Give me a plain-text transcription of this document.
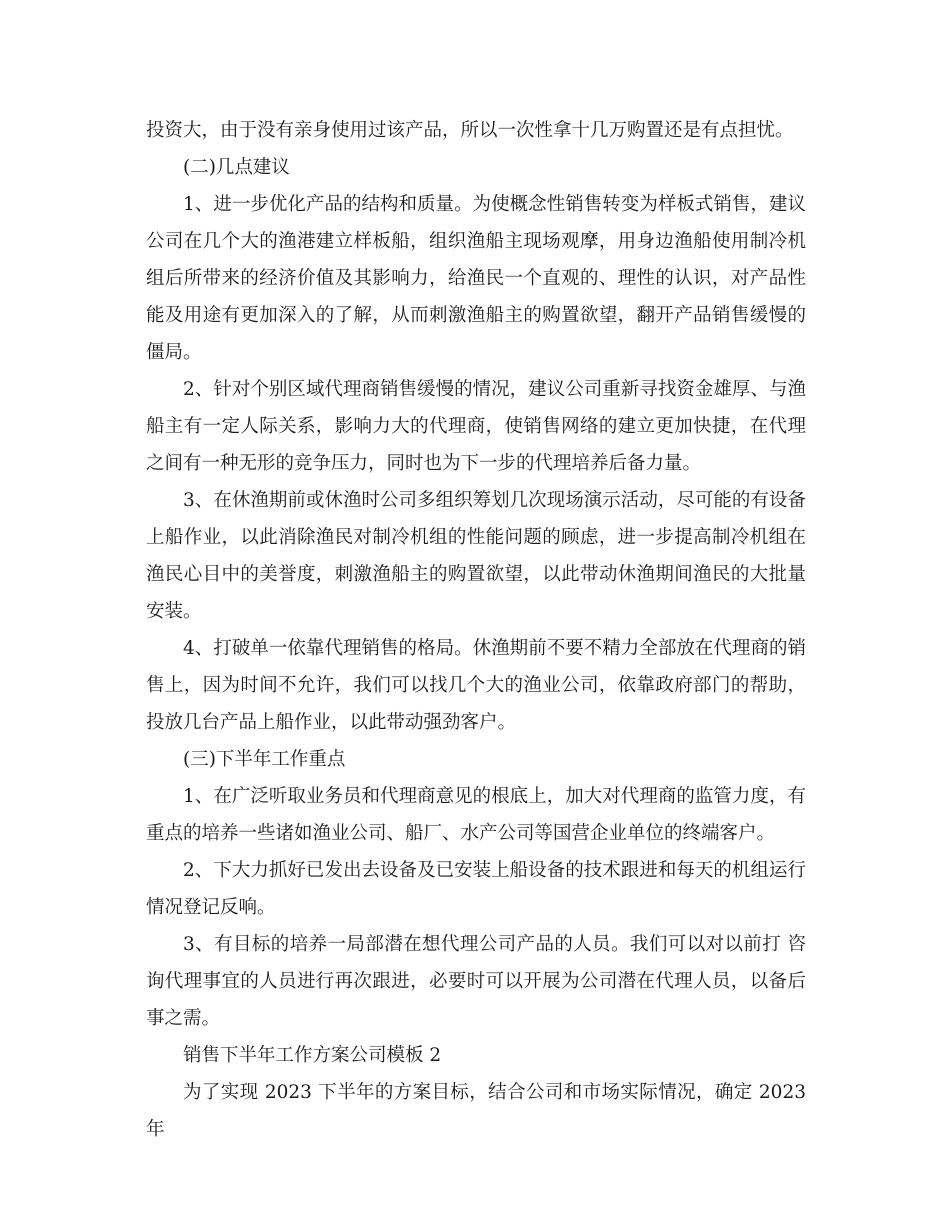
投资大，由于没有亲身使用过该产品，所以一次性拿十几万购置还是有点担忧。

(二)几点建议

1、进一步优化产品的结构和质量。为使概念性销售转变为样板式销售，建议公司在几个大的渔港建立样板船，组织渔船主现场观摩，用身边渔船使用制冷机组后所带来的经济价值及其影响力，给渔民一个直观的、理性的认识，对产品性能及用途有更加深入的了解，从而刺激渔船主的购置欲望，翻开产品销售缓慢的僵局。

2、针对个别区域代理商销售缓慢的情况，建议公司重新寻找资金雄厚、与渔船主有一定人际关系，影响力大的代理商，使销售网络的建立更加快捷，在代理之间有一种无形的竞争压力，同时也为下一步的代理培养后备力量。

3、在休渔期前或休渔时公司多组织筹划几次现场演示活动，尽可能的有设备上船作业，以此消除渔民对制冷机组的性能问题的顾虑，进一步提高制冷机组在渔民心目中的美誉度，刺激渔船主的购置欲望，以此带动休渔期间渔民的大批量安装。

4、打破单一依靠代理销售的格局。休渔期前不要不精力全部放在代理商的销售上，因为时间不允许，我们可以找几个大的渔业公司，依靠政府部门的帮助，投放几台产品上船作业，以此带动强劲客户。

(三)下半年工作重点

1、在广泛听取业务员和代理商意见的根底上，加大对代理商的监管力度，有重点的培养一些诸如渔业公司、船厂、水产公司等国营企业单位的终端客户。

2、下大力抓好已发出去设备及已安装上船设备的技术跟进和每天的机组运行情况登记反响。

3、有目标的培养一局部潜在想代理公司产品的人员。我们可以对以前打 咨询代理事宜的人员进行再次跟进，必要时可以开展为公司潜在代理人员，以备后事之需。

销售下半年工作方案公司模板 2

为了实现 2023 下半年的方案目标，结合公司和市场实际情况，确定 2023 年
